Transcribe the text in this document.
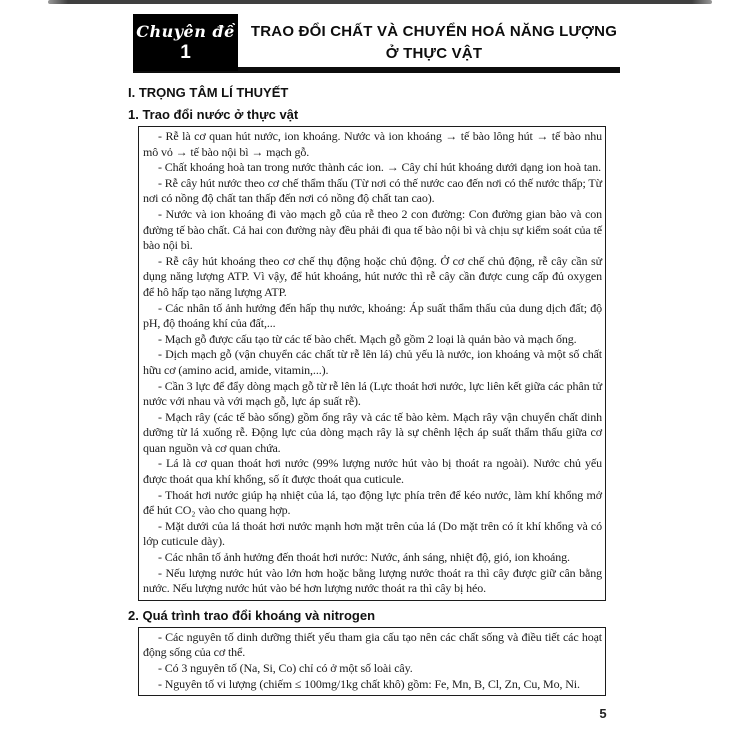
Chuyên đề
1
TRAO ĐỔI CHẤT VÀ CHUYỂN HOÁ NĂNG LƯỢNG
Ở THỰC VẬT
I. TRỌNG TÂM LÍ THUYẾT
1. Trao đổi nước ở thực vật

- Rễ là cơ quan hút nước, ion khoáng. Nước và ion khoáng → tế bào lông hút → tế bào nhu mô vỏ → tế bào nội bì → mạch gỗ.

- Chất khoáng hoà tan trong nước thành các ion. → Cây chỉ hút khoáng dưới dạng ion hoà tan.

- Rễ cây hút nước theo cơ chế thẩm thấu (Từ nơi có thế nước cao đến nơi có thế nước thấp; Từ nơi có nồng độ chất tan thấp đến nơi có nồng độ chất tan cao).

- Nước và ion khoáng đi vào mạch gỗ của rễ theo 2 con đường: Con đường gian bào và con đường tế bào chất. Cả hai con đường này đều phải đi qua tế bào nội bì và chịu sự kiểm soát của tế bào nội bì.

- Rễ cây hút khoáng theo cơ chế thụ động hoặc chủ động. Ở cơ chế chủ động, rễ cây cần sử dụng năng lượng ATP. Vì vậy, để hút khoáng, hút nước thì rễ cây cần được cung cấp đủ oxygen để hô hấp tạo năng lượng ATP.

- Các nhân tố ảnh hưởng đến hấp thụ nước, khoáng: Áp suất thẩm thấu của dung dịch đất; độ pH, độ thoáng khí của đất,...

- Mạch gỗ được cấu tạo từ các tế bào chết. Mạch gỗ gồm 2 loại là quản bào và mạch ống.

- Dịch mạch gỗ (vận chuyển các chất từ rễ lên lá) chủ yếu là nước, ion khoáng và một số chất hữu cơ (amino acid, amide, vitamin,...).

- Cần 3 lực để đẩy dòng mạch gỗ từ rễ lên lá (Lực thoát hơi nước, lực liên kết giữa các phân tử nước với nhau và với mạch gỗ, lực áp suất rễ).

- Mạch rây (các tế bào sống) gồm ống rây và các tế bào kèm. Mạch rây vận chuyển chất dinh dưỡng từ lá xuống rễ. Động lực của dòng mạch rây là sự chênh lệch áp suất thẩm thấu giữa cơ quan nguồn và cơ quan chứa.

- Lá là cơ quan thoát hơi nước (99% lượng nước hút vào bị thoát ra ngoài). Nước chủ yếu được thoát qua khí khổng, số ít được thoát qua cuticule.

- Thoát hơi nước giúp hạ nhiệt của lá, tạo động lực phía trên để kéo nước, làm khí khổng mở để hút CO₂ vào cho quang hợp.

- Mặt dưới của lá thoát hơi nước mạnh hơn mặt trên của lá (Do mặt trên có ít khí khổng và có lớp cuticule dày).

- Các nhân tố ảnh hưởng đến thoát hơi nước: Nước, ánh sáng, nhiệt độ, gió, ion khoáng.

- Nếu lượng nước hút vào lớn hơn hoặc bằng lượng nước thoát ra thì cây được giữ cân bằng nước. Nếu lượng nước hút vào bé hơn lượng nước thoát ra thì cây bị héo.

2. Quá trình trao đổi khoáng và nitrogen

- Các nguyên tố dinh dưỡng thiết yếu tham gia cấu tạo nên các chất sống và điều tiết các hoạt động sống của cơ thể.

- Có 3 nguyên tố (Na, Si, Co) chỉ có ở một số loài cây.

- Nguyên tố vi lượng (chiếm ≤ 100mg/1kg chất khô) gồm: Fe, Mn, B, Cl, Zn, Cu, Mo, Ni.

5
